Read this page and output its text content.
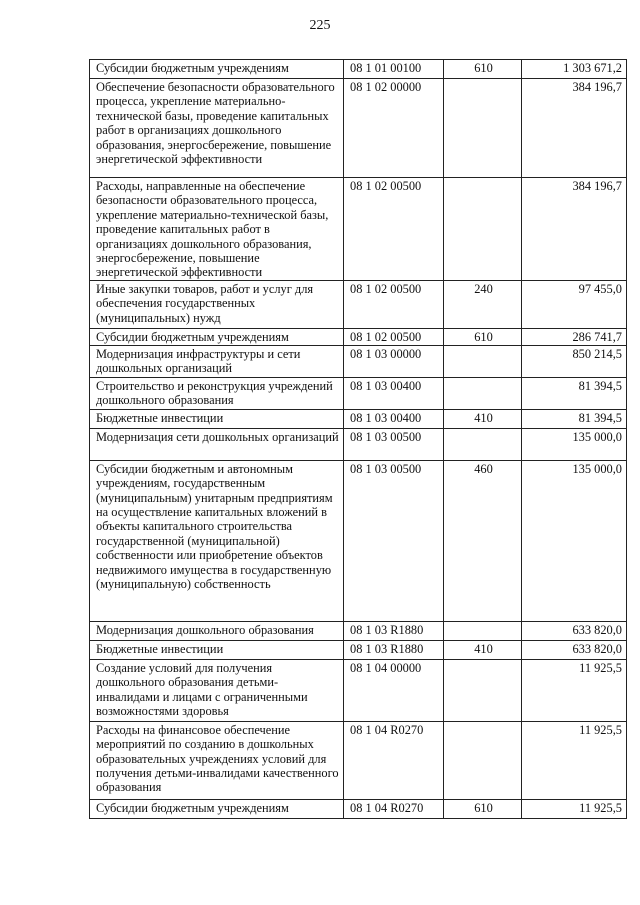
225
Субсидии бюджетным учреждениям	08 1 01 00100	610	1 303 671,2
Обеспечение безопасности образовательного процесса, укрепление материально-технической базы, проведение капитальных работ в организациях дошкольного образования, энергосбережение, повышение энергетической эффективности	08 1 02 00000		384 196,7
Расходы, направленные на обеспечение безопасности образовательного процесса, укрепление материально-технической базы, проведение капитальных работ в организациях дошкольного образования, энергосбережение, повышение энергетической эффективности	08 1 02 00500		384 196,7
Иные закупки товаров, работ и услуг для обеспечения государственных (муниципальных) нужд	08 1 02 00500	240	97 455,0
Субсидии бюджетным учреждениям	08 1 02 00500	610	286 741,7
Модернизация инфраструктуры и сети дошкольных организаций	08 1 03 00000		850 214,5
Строительство и реконструкция учреждений дошкольного образования	08 1 03 00400		81 394,5
Бюджетные инвестиции	08 1 03 00400	410	81 394,5
Модернизация сети дошкольных организаций	08 1 03 00500		135 000,0
Субсидии бюджетным и автономным учреждениям, государственным (муниципальным) унитарным предприятиям на осуществление капитальных вложений в объекты капитального строительства государственной (муниципальной) собственности или приобретение объектов недвижимого имущества в государственную (муниципальную) собственность	08 1 03 00500	460	135 000,0
Модернизация дошкольного образования	08 1 03 R1880		633 820,0
Бюджетные инвестиции	08 1 03 R1880	410	633 820,0
Создание условий для получения дошкольного образования детьми-инвалидами и лицами с ограниченными возможностями здоровья	08 1 04 00000		11 925,5
Расходы на финансовое обеспечение мероприятий по созданию в дошкольных образовательных учреждениях условий для получения детьми-инвалидами качественного образования	08 1 04 R0270		11 925,5
Субсидии бюджетным учреждениям	08 1 04 R0270	610	11 925,5
